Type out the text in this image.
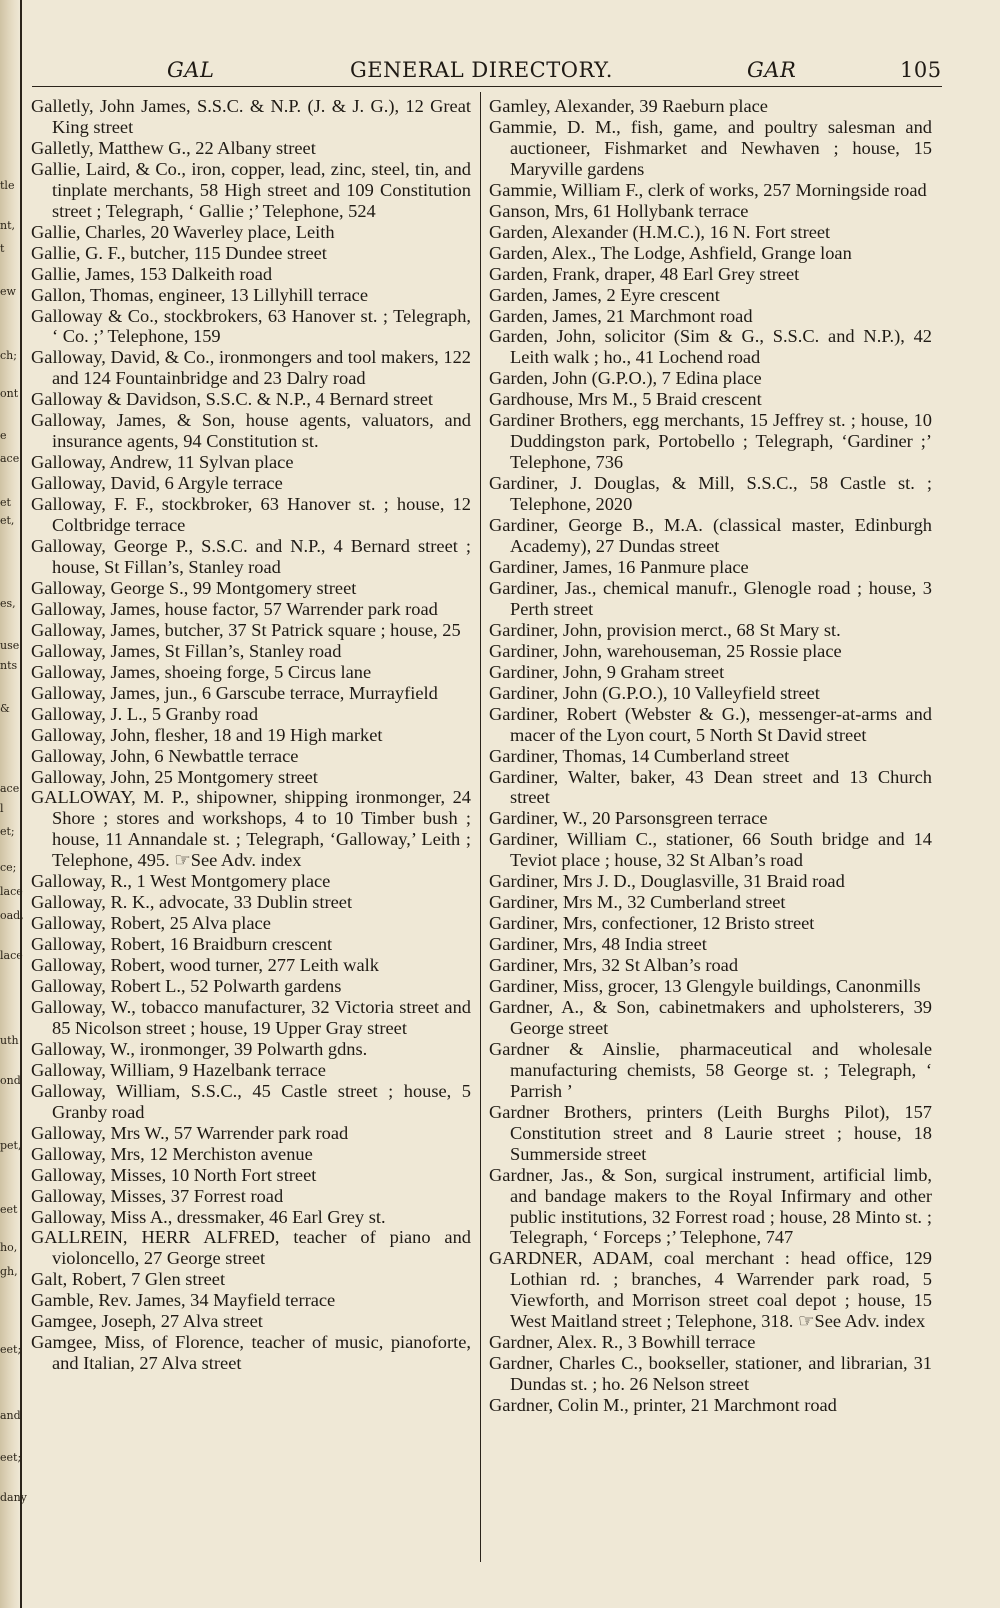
tle
nt,
t
ew
ch;
ont
e
ace
et
et,
es,
use
nts
&
ace
l
et;
ce;
lace
oad,
lace
uth
ond
pet,
eet
ho,
gh,
eet;
and
eet;
dany
GAL	GENERAL DIRECTORY.	GAR	105

Galletly, John James, S.S.C. & N.P. (J. & J. G.), 12 Great King street

Galletly, Matthew G., 22 Albany street

Gallie, Laird, & Co., iron, copper, lead, zinc, steel, tin, and tinplate merchants, 58 High street and 109 Constitution street ; Telegraph, ‘ Gallie ;’ Telephone, 524

Gallie, Charles, 20 Waverley place, Leith

Gallie, G. F., butcher, 115 Dundee street

Gallie, James, 153 Dalkeith road

Gallon, Thomas, engineer, 13 Lillyhill terrace

Galloway & Co., stockbrokers, 63 Hanover st. ; Telegraph, ‘ Co. ;’ Telephone, 159

Galloway, David, & Co., ironmongers and tool makers, 122 and 124 Fountainbridge and 23 Dalry road

Galloway & Davidson, S.S.C. & N.P., 4 Bernard street

Galloway, James, & Son, house agents, valuators, and insurance agents, 94 Constitution st.

Galloway, Andrew, 11 Sylvan place

Galloway, David, 6 Argyle terrace

Galloway, F. F., stockbroker, 63 Hanover st. ; house, 12 Coltbridge terrace

Galloway, George P., S.S.C. and N.P., 4 Bernard street ; house, St Fillan’s, Stanley road

Galloway, George S., 99 Montgomery street

Galloway, James, house factor, 57 Warrender park road

Galloway, James, butcher, 37 St Patrick square ; house, 25

Galloway, James, St Fillan’s, Stanley road

Galloway, James, shoeing forge, 5 Circus lane

Galloway, James, jun., 6 Garscube terrace, Murrayfield

Galloway, J. L., 5 Granby road

Galloway, John, flesher, 18 and 19 High market

Galloway, John, 6 Newbattle terrace

Galloway, John, 25 Montgomery street

GALLOWAY, M. P., shipowner, shipping ironmonger, 24 Shore ; stores and workshops, 4 to 10 Timber bush ; house, 11 Annandale st. ; Telegraph, ‘Galloway,’ Leith ; Telephone, 495. ☞See Adv. index

Galloway, R., 1 West Montgomery place

Galloway, R. K., advocate, 33 Dublin street

Galloway, Robert, 25 Alva place

Galloway, Robert, 16 Braidburn crescent

Galloway, Robert, wood turner, 277 Leith walk

Galloway, Robert L., 52 Polwarth gardens

Galloway, W., tobacco manufacturer, 32 Victoria street and 85 Nicolson street ; house, 19 Upper Gray street

Galloway, W., ironmonger, 39 Polwarth gdns.

Galloway, William, 9 Hazelbank terrace

Galloway, William, S.S.C., 45 Castle street ; house, 5 Granby road

Galloway, Mrs W., 57 Warrender park road

Galloway, Mrs, 12 Merchiston avenue

Galloway, Misses, 10 North Fort street

Galloway, Misses, 37 Forrest road

Galloway, Miss A., dressmaker, 46 Earl Grey st.

GALLREIN, HERR ALFRED, teacher of piano and violoncello, 27 George street

Galt, Robert, 7 Glen street

Gamble, Rev. James, 34 Mayfield terrace

Gamgee, Joseph, 27 Alva street

Gamgee, Miss, of Florence, teacher of music, pianoforte, and Italian, 27 Alva street

Gamley, Alexander, 39 Raeburn place

Gammie, D. M., fish, game, and poultry salesman and auctioneer, Fishmarket and Newhaven ; house, 15 Maryville gardens

Gammie, William F., clerk of works, 257 Morningside road

Ganson, Mrs, 61 Hollybank terrace

Garden, Alexander (H.M.C.), 16 N. Fort street

Garden, Alex., The Lodge, Ashfield, Grange loan

Garden, Frank, draper, 48 Earl Grey street

Garden, James, 2 Eyre crescent

Garden, James, 21 Marchmont road

Garden, John, solicitor (Sim & G., S.S.C. and N.P.), 42 Leith walk ; ho., 41 Lochend road

Garden, John (G.P.O.), 7 Edina place

Gardhouse, Mrs M., 5 Braid crescent

Gardiner Brothers, egg merchants, 15 Jeffrey st. ; house, 10 Duddingston park, Portobello ; Telegraph, ‘Gardiner ;’ Telephone, 736

Gardiner, J. Douglas, & Mill, S.S.C., 58 Castle st. ; Telephone, 2020

Gardiner, George B., M.A. (classical master, Edinburgh Academy), 27 Dundas street

Gardiner, James, 16 Panmure place

Gardiner, Jas., chemical manufr., Glenogle road ; house, 3 Perth street

Gardiner, John, provision merct., 68 St Mary st.

Gardiner, John, warehouseman, 25 Rossie place

Gardiner, John, 9 Graham street

Gardiner, John (G.P.O.), 10 Valleyfield street

Gardiner, Robert (Webster & G.), messenger-at-arms and macer of the Lyon court, 5 North St David street

Gardiner, Thomas, 14 Cumberland street

Gardiner, Walter, baker, 43 Dean street and 13 Church street

Gardiner, W., 20 Parsonsgreen terrace

Gardiner, William C., stationer, 66 South bridge and 14 Teviot place ; house, 32 St Alban’s road

Gardiner, Mrs J. D., Douglasville, 31 Braid road

Gardiner, Mrs M., 32 Cumberland street

Gardiner, Mrs, confectioner, 12 Bristo street

Gardiner, Mrs, 48 India street

Gardiner, Mrs, 32 St Alban’s road

Gardiner, Miss, grocer, 13 Glengyle buildings, Canonmills

Gardner, A., & Son, cabinetmakers and upholsterers, 39 George street

Gardner & Ainslie, pharmaceutical and wholesale manufacturing chemists, 58 George st. ; Telegraph, ‘ Parrish ’

Gardner Brothers, printers (Leith Burghs Pilot), 157 Constitution street and 8 Laurie street ; house, 18 Summerside street

Gardner, Jas., & Son, surgical instrument, artificial limb, and bandage makers to the Royal Infirmary and other public institutions, 32 Forrest road ; house, 28 Minto st. ; Telegraph, ‘ Forceps ;’ Telephone, 747

GARDNER, ADAM, coal merchant : head office, 129 Lothian rd. ; branches, 4 Warrender park road, 5 Viewforth, and Morrison street coal depot ; house, 15 West Maitland street ; Telephone, 318. ☞See Adv. index

Gardner, Alex. R., 3 Bowhill terrace

Gardner, Charles C., bookseller, stationer, and librarian, 31 Dundas st. ; ho. 26 Nelson street

Gardner, Colin M., printer, 21 Marchmont road
